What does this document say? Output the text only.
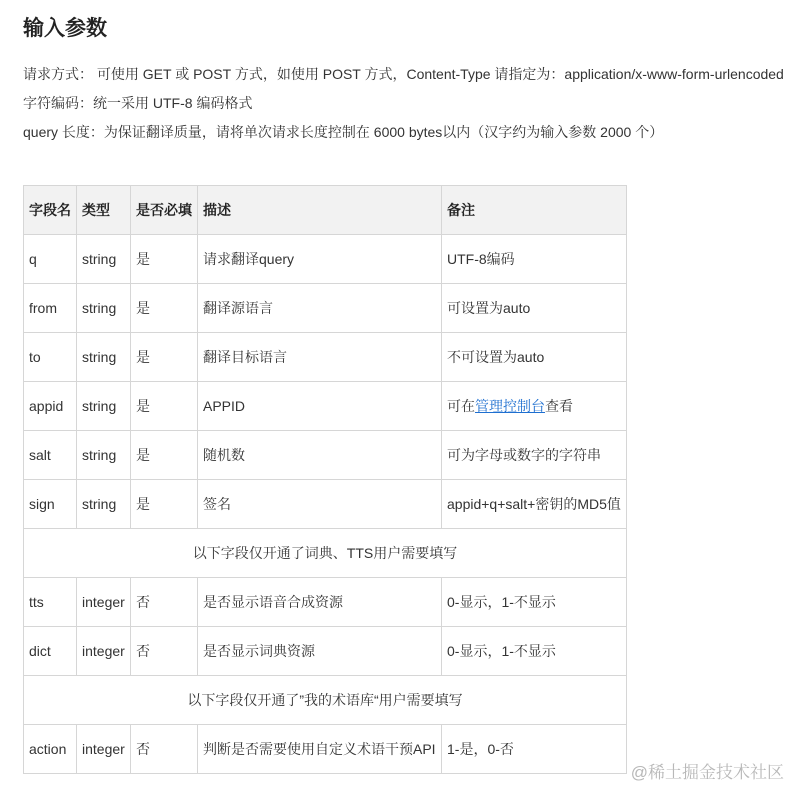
输入参数
请求方式： 可使用 GET 或 POST 方式，如使用 POST 方式，Content-Type 请指定为：application/x-www-form-urlencoded
字符编码：统一采用 UTF-8 编码格式
query 长度：为保证翻译质量，请将单次请求长度控制在 6000 bytes以内（汉字约为输入参数 2000 个）
字段名	类型	是否必填	描述	备注
q	string	是	请求翻译query	UTF-8编码
from	string	是	翻译源语言	可设置为auto
to	string	是	翻译目标语言	不可设置为auto
appid	string	是	APPID	可在管理控制台查看
salt	string	是	随机数	可为字母或数字的字符串
sign	string	是	签名	appid+q+salt+密钥的MD5值
以下字段仅开通了词典、TTS用户需要填写				
tts	integer	否	是否显示语音合成资源	0-显示，1-不显示
dict	integer	否	是否显示词典资源	0-显示，1-不显示
以下字段仅开通了”我的术语库“用户需要填写				
action	integer	否	判断是否需要使用自定义术语干预API	1-是，0-否
@稀土掘金技术社区
